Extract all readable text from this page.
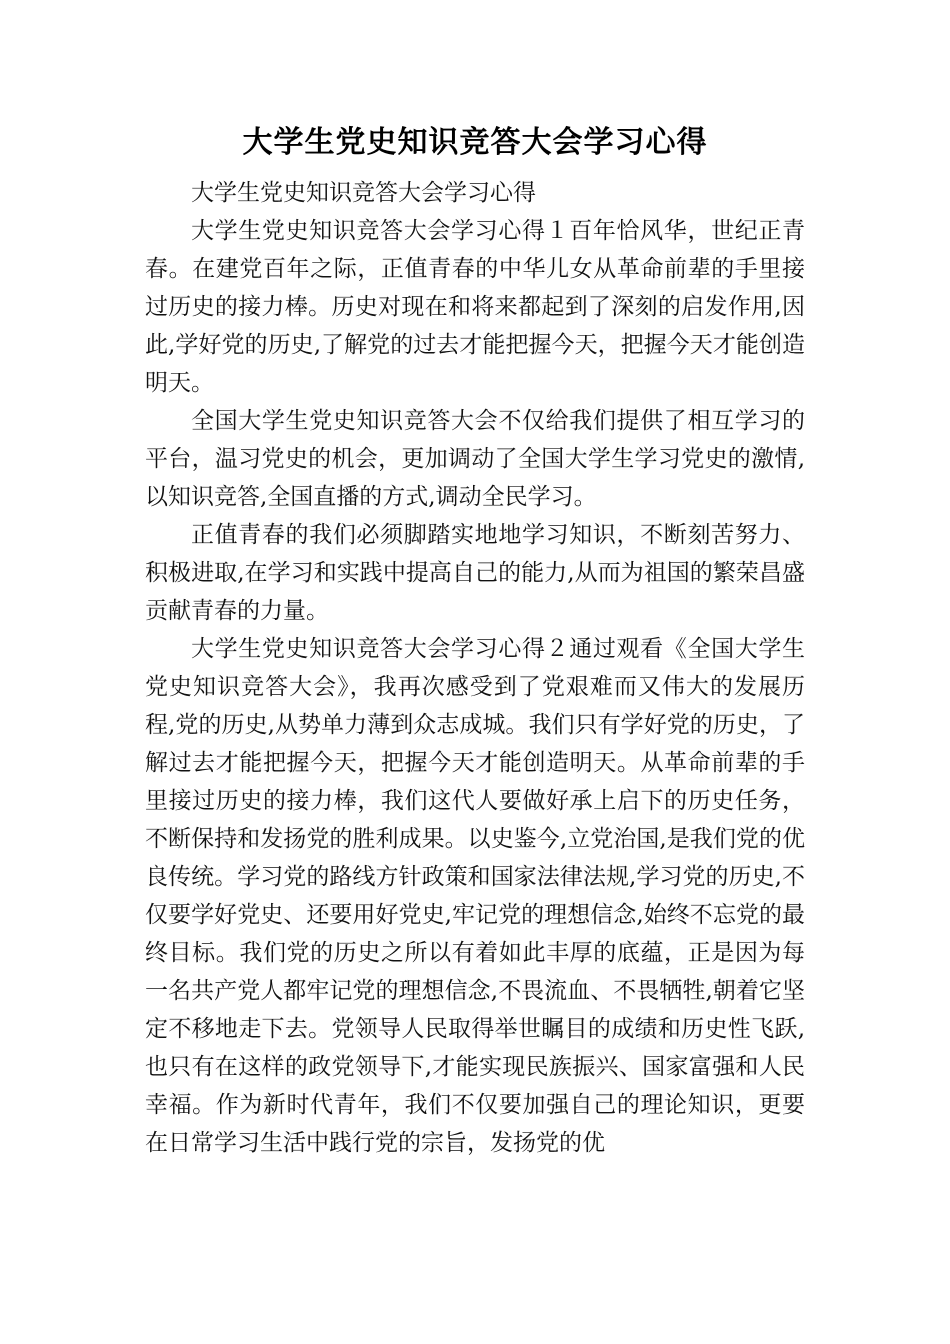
大学生党史知识竞答大会学习心得

大学生党史知识竞答大会学习心得

大学生党史知识竞答大会学习心得１百年恰风华，世纪正青春。在建党百年之际，正值青春的中华儿女从革命前辈的手里接过历史的接力棒。历史对现在和将来都起到了深刻的启发作用,因此,学好党的历史,了解党的过去才能把握今天，把握今天才能创造明天。

全国大学生党史知识竞答大会不仅给我们提供了相互学习的平台，温习党史的机会，更加调动了全国大学生学习党史的激情,以知识竞答,全国直播的方式,调动全民学习。

正值青春的我们必须脚踏实地地学习知识，不断刻苦努力、积极进取,在学习和实践中提高自己的能力,从而为祖国的繁荣昌盛贡献青春的力量。

大学生党史知识竞答大会学习心得２通过观看《全国大学生党史知识竞答大会》，我再次感受到了党艰难而又伟大的发展历程,党的历史,从势单力薄到众志成城。我们只有学好党的历史，了解过去才能把握今天，把握今天才能创造明天。从革命前辈的手里接过历史的接力棒，我们这代人要做好承上启下的历史任务，不断保持和发扬党的胜利成果。以史鉴今,立党治国,是我们党的优良传统。学习党的路线方针政策和国家法律法规,学习党的历史,不仅要学好党史、还要用好党史,牢记党的理想信念,始终不忘党的最终目标。我们党的历史之所以有着如此丰厚的底蕴，正是因为每一名共产党人都牢记党的理想信念,不畏流血、不畏牺牲,朝着它坚定不移地走下去。党领导人民取得举世瞩目的成绩和历史性飞跃,也只有在这样的政党领导下,才能实现民族振兴、国家富强和人民幸福。作为新时代青年，我们不仅要加强自己的理论知识，更要在日常学习生活中践行党的宗旨，发扬党的优
